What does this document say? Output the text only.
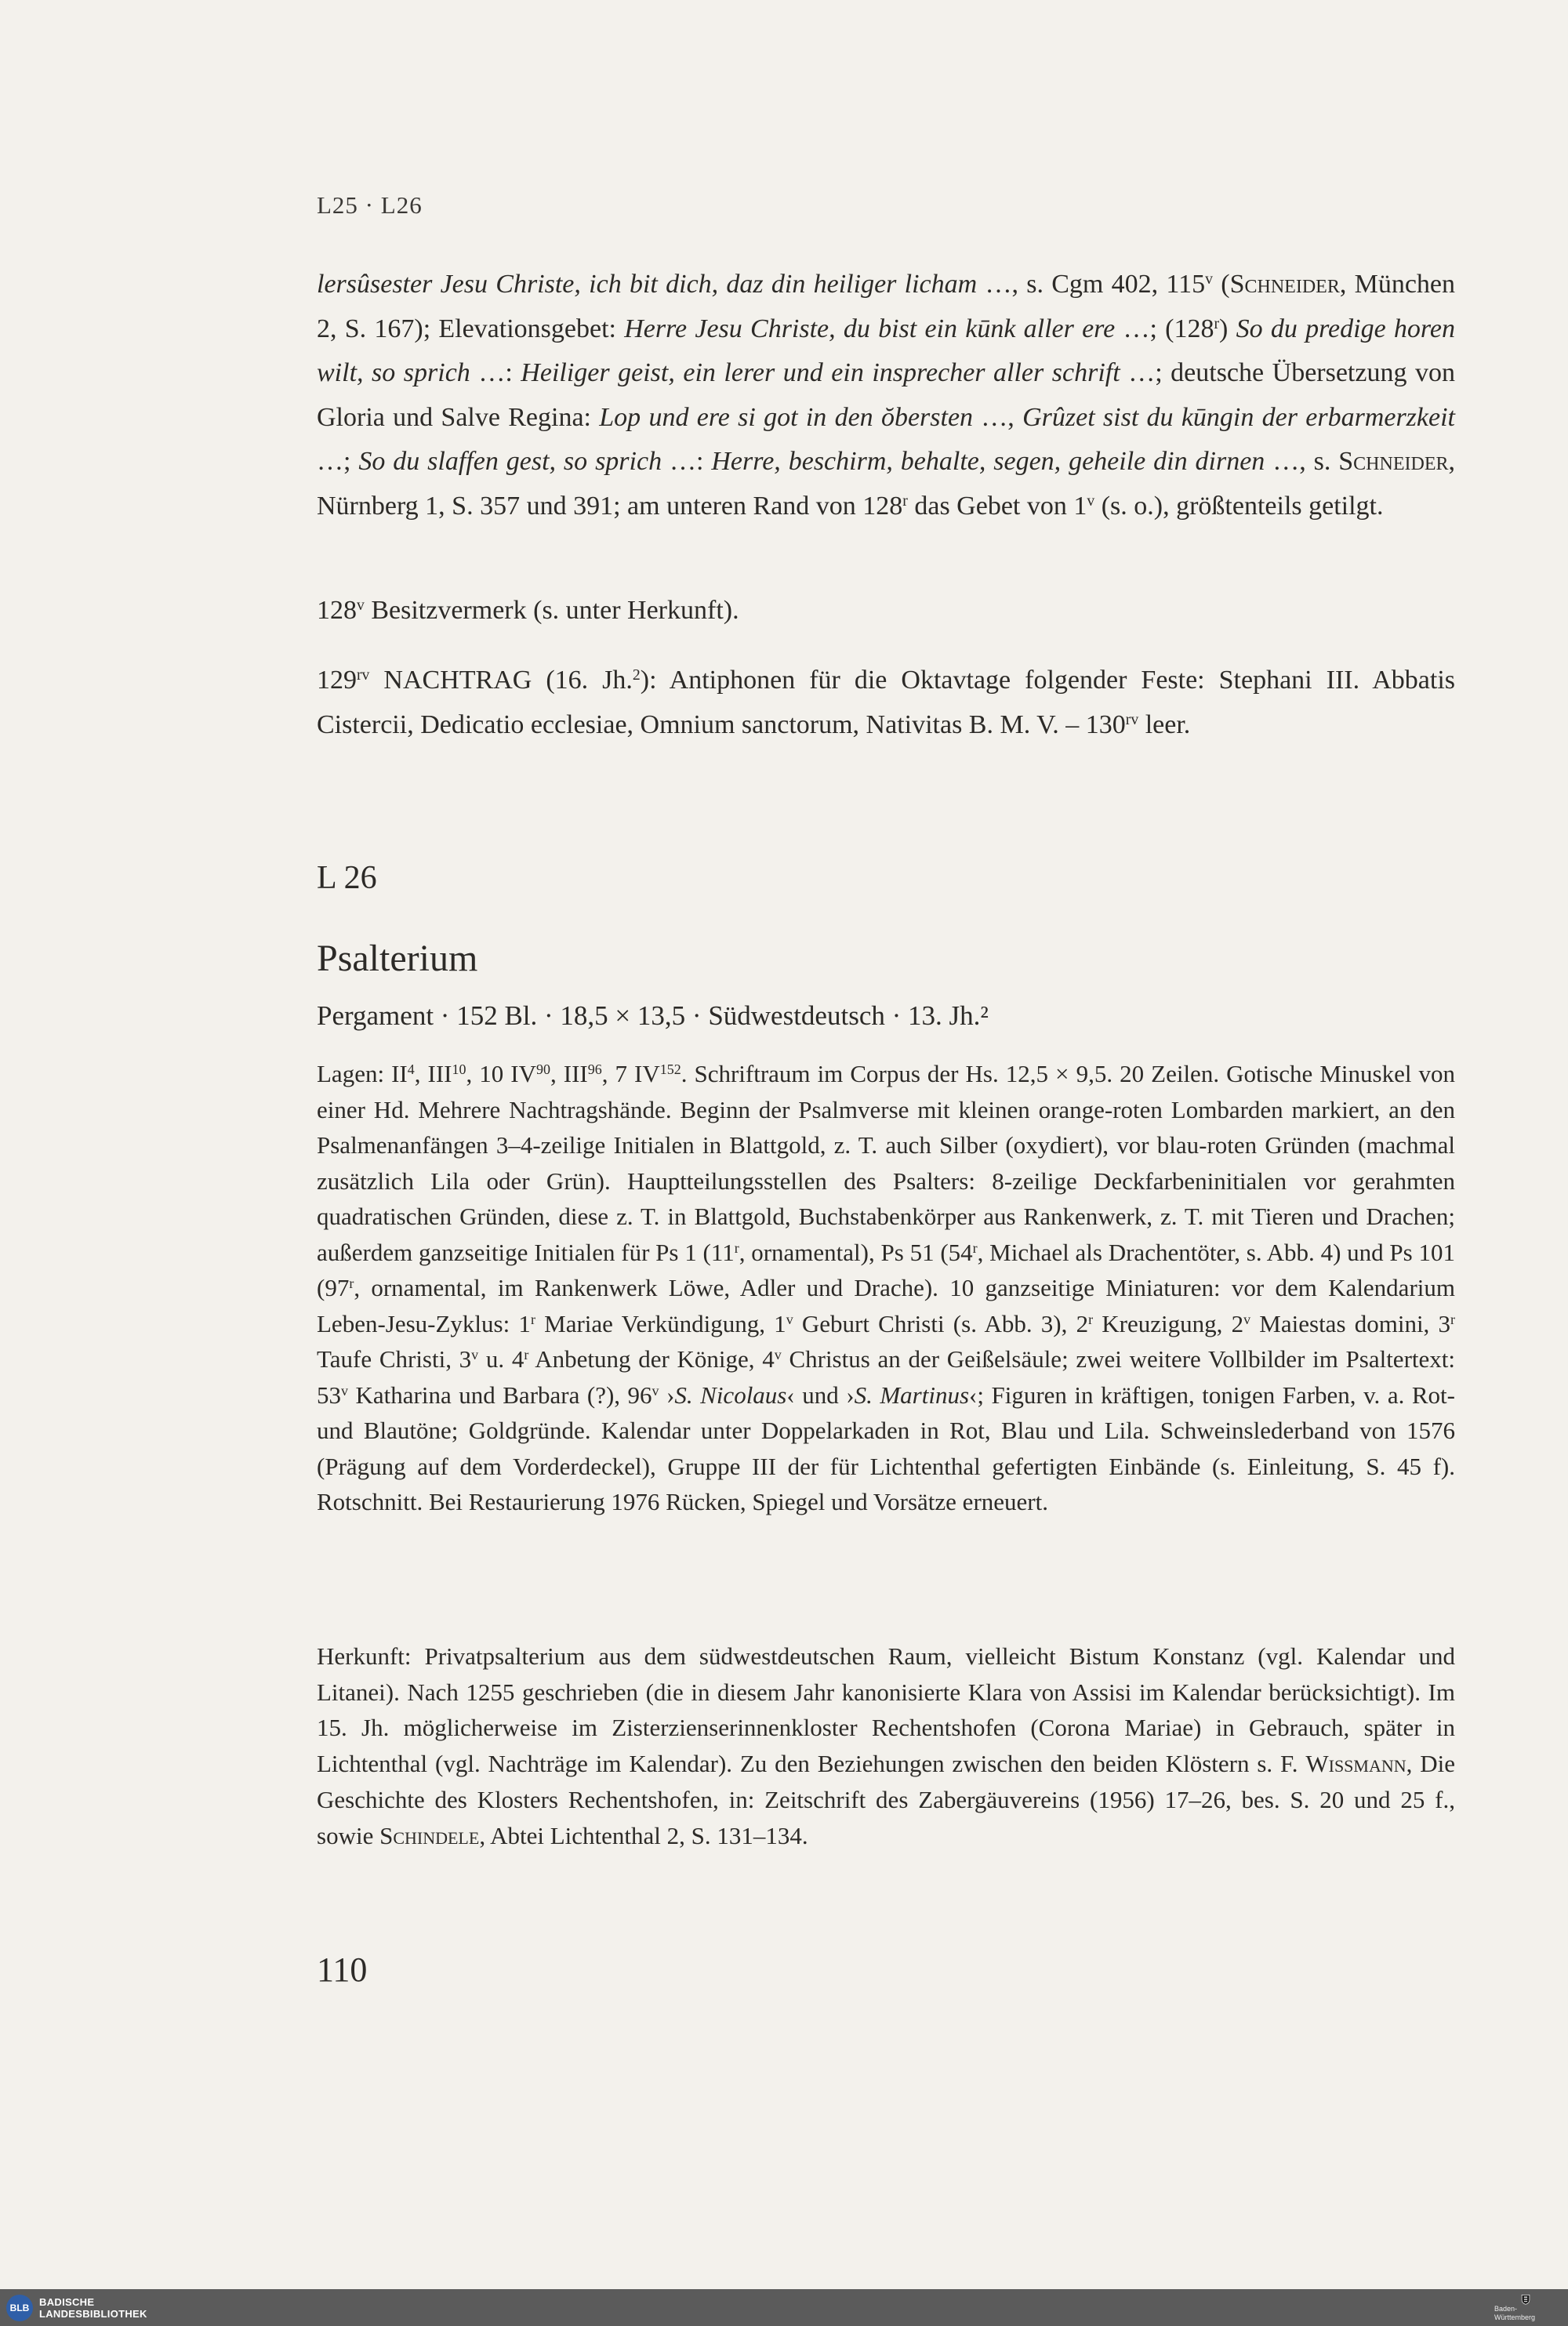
L25 · L26
lersûsester Jesu Christe, ich bit dich, daz din heiliger licham …, s. Cgm 402, 115$^v$ (Schneider, München 2, S. 167); Elevationsgebet: Herre Jesu Christe, du bist ein kūnk aller ere …; (128$^r$) So du predige horen wilt, so sprich …: Heiliger geist, ein lerer und ein insprecher aller schrift …; deutsche Übersetzung von Gloria und Salve Regina: Lop und ere si got in den ŏbersten …, Grûzet sist du kūngin der erbarmerzkeit …; So du slaffen gest, so sprich …: Herre, beschirm, behalte, segen, geheile din dirnen …, s. Schneider, Nürnberg 1, S. 357 und 391; am unteren Rand von 128$^r$ das Gebet von 1$^v$ (s. o.), größtenteils getilgt.
128$^v$ Besitzvermerk (s. unter Herkunft).
$129^{rv}$ NACHTRAG (16. Jh.$^2$): Antiphonen für die Oktavtage folgender Feste: Stephani III. Abbatis Cistercii, Dedicatio ecclesiae, Omnium sanctorum, Nativitas B. M. V. – $130^{rv}$ leer.
L 26
Psalterium
Pergament · 152 Bl. · 18,5 × 13,5 · Südwestdeutsch · 13. Jh.²
Lagen: $II^4$, III$^{10}$, 10 IV$^{90}$, III$^{96}$, 7 IV$^{152}$. Schriftraum im Corpus der Hs. 12,5 × 9,5. 20 Zeilen. Gotische Minuskel von einer Hd. Mehrere Nachtragshände. Beginn der Psalmverse mit kleinen orange-roten Lombarden markiert, an den Psalmenanfängen 3–4-zeilige Initialen in Blattgold, z. T. auch Silber (oxydiert), vor blau-roten Gründen (machmal zusätzlich Lila oder Grün). Hauptteilungsstellen des Psalters: 8-zeilige Deckfarbeninitialen vor gerahmten quadratischen Gründen, diese z. T. in Blattgold, Buchstabenkörper aus Rankenwerk, z. T. mit Tieren und Drachen; außerdem ganzseitige Initialen für Ps 1 (11$^r$, ornamental), Ps 51 (54$^r$, Michael als Drachentöter, s. Abb. 4) und Ps 101 (97$^r$, ornamental, im Rankenwerk Löwe, Adler und Drache). 10 ganzseitige Miniaturen: vor dem Kalendarium Leben-Jesu-Zyklus: 1$^r$ Mariae Verkündigung, 1$^v$ Geburt Christi (s. Abb. 3), 2$^r$ Kreuzigung, 2$^v$ Maiestas domini, 3$^r$ Taufe Christi, 3$^v$ u. 4$^r$ Anbetung der Könige, 4$^v$ Christus an der Geißelsäule; zwei weitere Vollbilder im Psaltertext: 53$^v$ Katharina und Barbara (?), 96$^v$ ›S. Nicolaus‹ und ›S. Martinus‹; Figuren in kräftigen, tonigen Farben, v. a. Rot- und Blautöne; Goldgründe. Kalendar unter Doppelarkaden in Rot, Blau und Lila. Schweinslederband von 1576 (Prägung auf dem Vorderdeckel), Gruppe III der für Lichtenthal gefertigten Einbände (s. Einleitung, S. 45 f). Rotschnitt. Bei Restaurierung 1976 Rücken, Spiegel und Vorsätze erneuert.
Herkunft: Privatpsalterium aus dem südwestdeutschen Raum, vielleicht Bistum Konstanz (vgl. Kalendar und Litanei). Nach 1255 geschrieben (die in diesem Jahr kanonisierte Klara von Assisi im Kalendar berücksichtigt). Im 15. Jh. möglicherweise im Zisterzienserinnenkloster Rechentshofen (Corona Mariae) in Gebrauch, später in Lichtenthal (vgl. Nachträge im Kalendar). Zu den Beziehungen zwischen den beiden Klöstern s. F. Wissmann, Die Geschichte des Klosters Rechentshofen, in: Zeitschrift des Zabergäuvereins (1956) 17–26, bes. S. 20 und 25 f., sowie Schindele, Abtei Lichtenthal 2, S. 131–134.
110
BLB BADISCHE
LANDESBIBLIOTHEK	Baden-Württemberg
